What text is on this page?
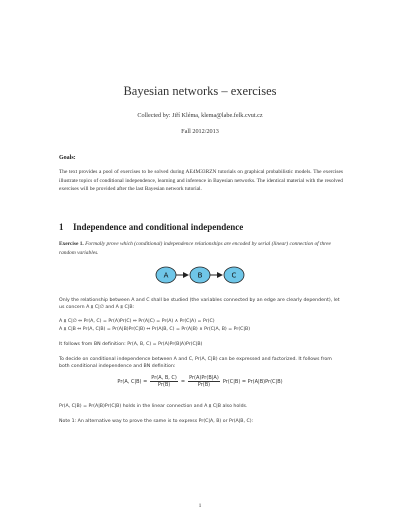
Bayesian networks – exercises
Collected by: Jiří Kléma, klema@labe.felk.cvut.cz
Fall 2012/2013
Goals:
The text provides a pool of exercises to be solved during AE4M33RZN tutorials on graphical probabilistic models. The exercises illustrate topics of conditional independence, learning and inference in Bayesian networks. The identical material with the resolved exercises will be provided after the last Bayesian network tutorial.
1 Independence and conditional independence
Exercise 1. Formally prove which (conditional) independence relationships are encoded by serial (linear) connection of three random variables.
A	B	C
Only the relationship between A and C shall be studied (the variables connected by an edge are clearly dependent), let us concern A ⫫ C|∅ and A ⫫ C|B:
A ⫫ C|∅ ⇔ Pr(A, C) = Pr(A)Pr(C) ⇔ Pr(A|C) = Pr(A) ∧ Pr(C|A) = Pr(C)
A ⫫ C|B ⇔ Pr(A, C|B) = Pr(A|B)Pr(C|B) ⇔ Pr(A|B, C) = Pr(A|B) ∧ Pr(C|A, B) = Pr(C|B)
It follows from BN definition: Pr(A, B, C) = Pr(A)Pr(B|A)Pr(C|B)
To decide on conditional independence between A and C, Pr(A, C|B) can be expressed and factorized. It follows from both conditional independence and BN definition:
Pr(A, $C|B) = \frac{Pr(A, B, C)}{Pr(B)} = \frac{Pr(A)Pr(B|A)}{Pr(B)} Pr(C|B) = Pr(A|B)Pr(C|B)$
Pr(A, C|B) = Pr(A|B)Pr(C|B) holds in the linear connection and A ⫫ C|B also holds.
Note 1: An alternative way to prove the same is to express Pr(C|A, B) or Pr(A|B, C):
1
